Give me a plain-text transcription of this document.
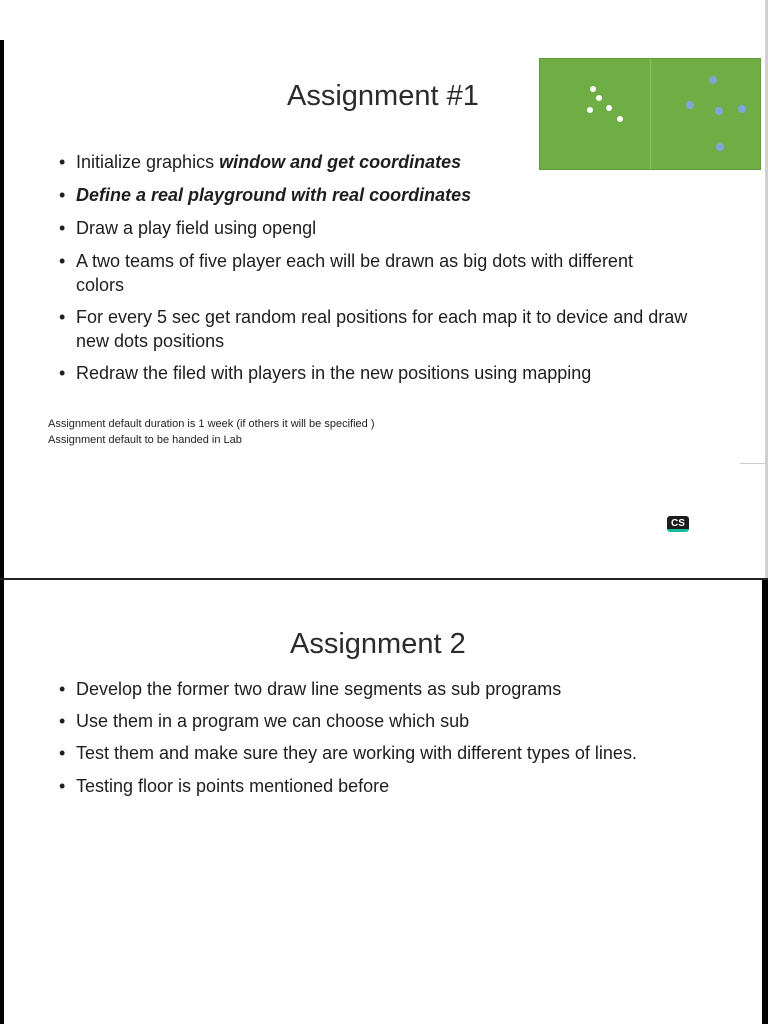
Assignment #1
• Initialize graphics window and get coordinates
• Define a real playground with real coordinates
• Draw a play field using opengl
• A two teams of five player each will be drawn as big dots with different colors
• For every 5 sec get random real positions for each map it to device and draw new dots positions
• Redraw the filed with players in the new positions using mapping
Assignment default duration is 1 week (if others it will be specified )
Assignment default to be handed in Lab
CS
Assignment 2
• Develop the former two draw line segments as sub programs
• Use them in a program we can choose which sub
• Test them and make sure they are working with different types of lines.
• Testing floor is points mentioned before
